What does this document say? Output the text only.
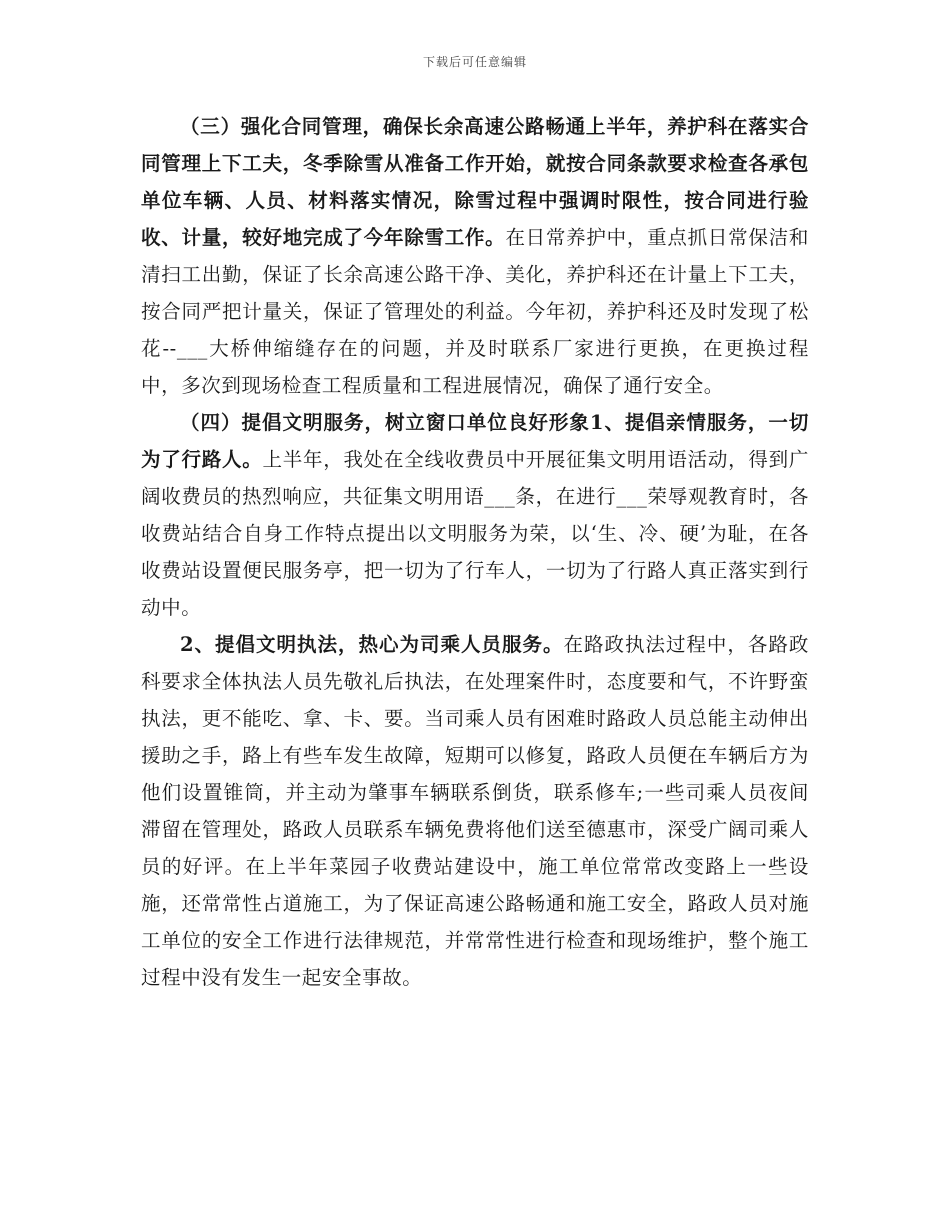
下载后可任意编辑

（三）强化合同管理，确保长余高速公路畅通上半年，养护科在落实合同管理上下工夫，冬季除雪从准备工作开始，就按合同条款要求检查各承包单位车辆、人员、材料落实情况，除雪过程中强调时限性，按合同进行验收、计量，较好地完成了今年除雪工作。在日常养护中，重点抓日常保洁和清扫工出勤，保证了长余高速公路干净、美化，养护科还在计量上下工夫，按合同严把计量关，保证了管理处的利益。今年初，养护科还及时发现了松花--___大桥伸缩缝存在的问题，并及时联系厂家进行更换，在更换过程中，多次到现场检查工程质量和工程进展情况，确保了通行安全。

（四）提倡文明服务，树立窗口单位良好形象1、提倡亲情服务，一切为了行路人。上半年，我处在全线收费员中开展征集文明用语活动，得到广阔收费员的热烈响应，共征集文明用语___条，在进行___荣辱观教育时，各收费站结合自身工作特点提出以文明服务为荣，以‘生、冷、硬’为耻，在各收费站设置便民服务亭，把一切为了行车人，一切为了行路人真正落实到行动中。

2、提倡文明执法，热心为司乘人员服务。在路政执法过程中，各路政科要求全体执法人员先敬礼后执法，在处理案件时，态度要和气，不许野蛮执法，更不能吃、拿、卡、要。当司乘人员有困难时路政人员总能主动伸出援助之手，路上有些车发生故障，短期可以修复，路政人员便在车辆后方为他们设置锥筒，并主动为肇事车辆联系倒货，联系修车;一些司乘人员夜间滞留在管理处，路政人员联系车辆免费将他们送至德惠市，深受广阔司乘人员的好评。在上半年菜园子收费站建设中，施工单位常常改变路上一些设施，还常常性占道施工，为了保证高速公路畅通和施工安全，路政人员对施工单位的安全工作进行法律规范，并常常性进行检查和现场维护，整个施工过程中没有发生一起安全事故。
